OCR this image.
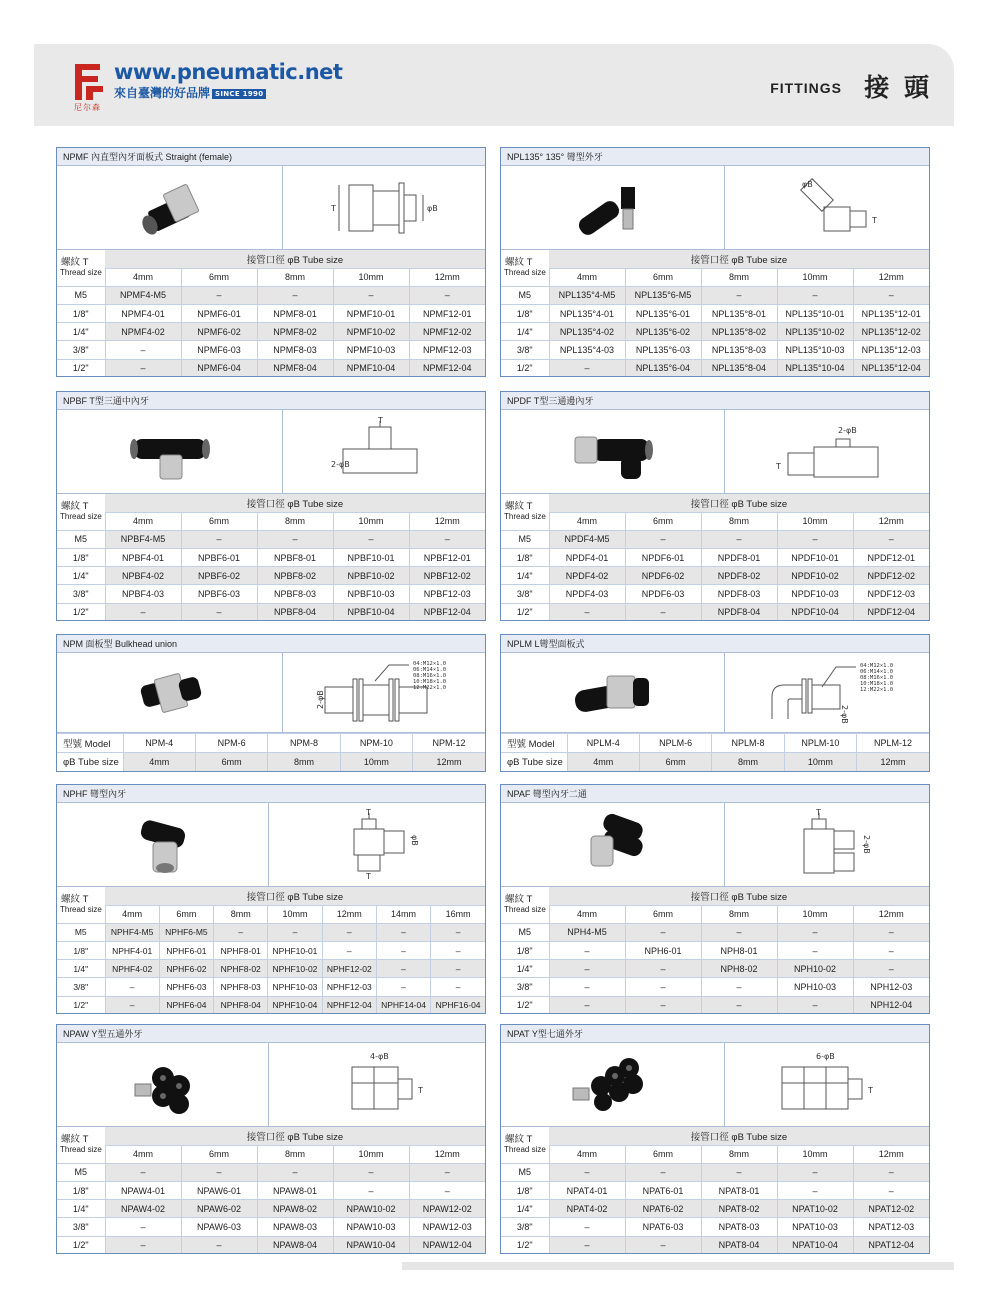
尼尔森
www.pneumatic.net
來自臺灣的好品牌 SINCE 1990	FITTINGS 接 頭
NPMF 內直型內牙面板式 Straight (female)
T	φB
螺紋 T	接管口徑 φB Tube size				
Thread size	4mm	6mm	8mm	10mm	12mm
M5	NPMF4-M5	–	–	–	–
1/8"	NPMF4-01	NPMF6-01	NPMF8-01	NPMF10-01	NPMF12-01
1/4"	NPMF4-02	NPMF6-02	NPMF8-02	NPMF10-02	NPMF12-02
3/8"	–	NPMF6-03	NPMF8-03	NPMF10-03	NPMF12-03
1/2"	–	NPMF6-04	NPMF8-04	NPMF10-04	NPMF12-04
NPL135° 135° 彎型外牙
φB
T
螺紋 T	接管口徑 φB Tube size				
Thread size	4mm	6mm	8mm	10mm	12mm
M5	NPL135°4-M5	NPL135°6-M5	–	–	–
1/8"	NPL135°4-01	NPL135°6-01	NPL135°8-01	NPL135°10-01	NPL135°12-01
1/4"	NPL135°4-02	NPL135°6-02	NPL135°8-02	NPL135°10-02	NPL135°12-02
3/8"	NPL135°4-03	NPL135°6-03	NPL135°8-03	NPL135°10-03	NPL135°12-03
1/2"	–	NPL135°6-04	NPL135°8-04	NPL135°10-04	NPL135°12-04
NPBF T型三通中內牙
T
2-φB
螺紋 T	接管口徑 φB Tube size				
Thread size	4mm	6mm	8mm	10mm	12mm
M5	NPBF4-M5	–	–	–	–
1/8"	NPBF4-01	NPBF6-01	NPBF8-01	NPBF10-01	NPBF12-01
1/4"	NPBF4-02	NPBF6-02	NPBF8-02	NPBF10-02	NPBF12-02
3/8"	NPBF4-03	NPBF6-03	NPBF8-03	NPBF10-03	NPBF12-03
1/2"	–	–	NPBF8-04	NPBF10-04	NPBF12-04
NPDF T型三通邊內牙
2-φB
T
螺紋 T	接管口徑 φB Tube size				
Thread size	4mm	6mm	8mm	10mm	12mm
M5	NPDF4-M5	–	–	–	–
1/8"	NPDF4-01	NPDF6-01	NPDF8-01	NPDF10-01	NPDF12-01
1/4"	NPDF4-02	NPDF6-02	NPDF8-02	NPDF10-02	NPDF12-02
3/8"	NPDF4-03	NPDF6-03	NPDF8-03	NPDF10-03	NPDF12-03
1/2"	–	–	NPDF8-04	NPDF10-04	NPDF12-04
NPM 面板型 Bulkhead union
2-φB
04:M12×1.0
06:M14×1.0
08:M16×1.0
10:M18×1.0
12:M22×1.0
型號 Model	NPM-4	NPM-6	NPM-8	NPM-10	NPM-12
φB Tube size	4mm	6mm	8mm	10mm	12mm
NPLM L彎型面板式
2-φB
04:M12×1.0
06:M14×1.0
08:M16×1.0
10:M18×1.0
12:M22×1.0
型號 Model	NPLM-4	NPLM-6	NPLM-8	NPLM-10	NPLM-12
φB Tube size	4mm	6mm	8mm	10mm	12mm
NPHF 彎型內牙
T
φB
T
螺紋 T	接管口徑 φB Tube size						
Thread size	4mm	6mm	8mm	10mm	12mm	14mm	16mm
M5	NPHF4-M5	NPHF6-M5	–	–	–	–	–
1/8"	NPHF4-01	NPHF6-01	NPHF8-01	NPHF10-01	–	–	–
1/4"	NPHF4-02	NPHF6-02	NPHF8-02	NPHF10-02	NPHF12-02	–	–
3/8"	–	NPHF6-03	NPHF8-03	NPHF10-03	NPHF12-03	–	–
1/2"	–	NPHF6-04	NPHF8-04	NPHF10-04	NPHF12-04	NPHF14-04	NPHF16-04
NPAF 彎型內牙二通
T
2-φB
螺紋 T	接管口徑 φB Tube size				
Thread size	4mm	6mm	8mm	10mm	12mm
M5	NPH4-M5	–	–	–	–
1/8"	–	NPH6-01	NPH8-01	–	–
1/4"	–	–	NPH8-02	NPH10-02	–
3/8"	–	–	–	NPH10-03	NPH12-03
1/2"	–	–	–	–	NPH12-04
NPAW Y型五通外牙
4-φB
T
螺紋 T	接管口徑 φB Tube size				
Thread size	4mm	6mm	8mm	10mm	12mm
M5	–	–	–	–	–
1/8"	NPAW4-01	NPAW6-01	NPAW8-01	–	–
1/4"	NPAW4-02	NPAW6-02	NPAW8-02	NPAW10-02	NPAW12-02
3/8"	–	NPAW6-03	NPAW8-03	NPAW10-03	NPAW12-03
1/2"	–	–	NPAW8-04	NPAW10-04	NPAW12-04
NPAT Y型七通外牙
6-φB
T
螺紋 T	接管口徑 φB Tube size				
Thread size	4mm	6mm	8mm	10mm	12mm
M5	–	–	–	–	–
1/8"	NPAT4-01	NPAT6-01	NPAT8-01	–	–
1/4"	NPAT4-02	NPAT6-02	NPAT8-02	NPAT10-02	NPAT12-02
3/8"	–	NPAT6-03	NPAT8-03	NPAT10-03	NPAT12-03
1/2"	–	–	NPAT8-04	NPAT10-04	NPAT12-04
